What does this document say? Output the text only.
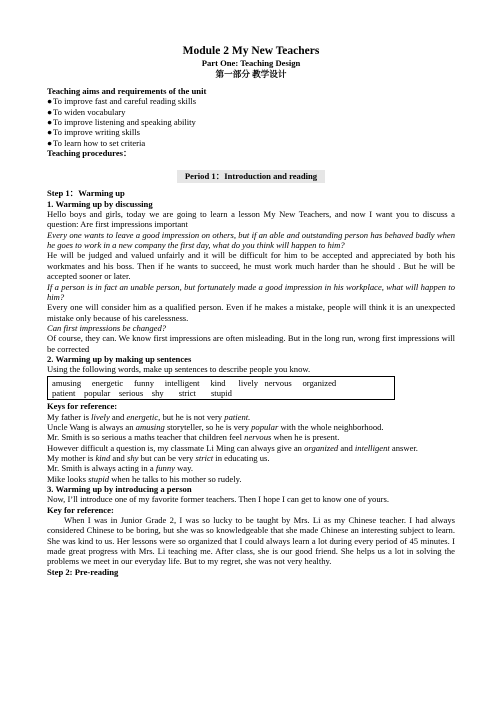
Module 2 My New Teachers
Part One: Teaching Design
第一部分 教学设计

Teaching aims and requirements of the unit

●To improve fast and careful reading skills

●To widen vocabulary

●To improve listening and speaking ability

●To improve writing skills

●To learn how to set criteria

Teaching procedures：

Period 1：Introduction and reading

Step 1：Warming up

1. Warming up by discussing

Hello boys and girls, today we are going to learn a lesson My New Teachers, and now I want you to discuss a question: Are first impressions important

Every one wants to leave a good impression on others, but if an able and outstanding person has behaved badly when he goes to work in a new company the first day, what do you think will happen to him?

He will be judged and valued unfairly and it will be difficult for him to be accepted and appreciated by both his workmates and his boss. Then if he wants to succeed, he must work much harder than he should . But he will be accepted sooner or later.

If a person is in fact an unable person, but fortunately made a good impression in his workplace, what will happen to him?

Every one will consider him as a qualified person. Even if he makes a mistake, people will think it is an unexpected mistake only because of his carelessness.

Can first impressions be changed?

Of course, they can. We know first impressions are often misleading. But in the long run, wrong first impressions will be corrected

2. Warming up by making up sentences

Using the following words, make up sentences to describe people you know.

amusing     energetic     funny     intelligent     kind      lively   nervous     organized
patient    popular    serious    shy       strict       stupid

Keys for reference:

My father is lively and energetic, but he is not very patient.

Uncle Wang is always an amusing storyteller, so he is very popular with the whole neighborhood.

Mr. Smith is so serious a maths teacher that children feel nervous when he is present.

However difficult a question is, my classmate Li Ming can always give an organized and intelligent answer.

My mother is kind and shy but can be very strict in educating us.

Mr. Smith is always acting in a funny way.

Mike looks stupid when he talks to his mother so rudely.

3. Warming up by introducing a person

Now, I’ll introduce one of my favorite former teachers. Then I hope I can get to know one of yours.

Key for reference:

When I was in Junior Grade 2, I was so lucky to be taught by Mrs. Li as my Chinese teacher. I had always considered Chinese to be boring, but she was so knowledgeable that she made Chinese an interesting subject to learn. She was kind to us. Her lessons were so organized that I could always learn a lot during every period of 45 minutes. I made great progress with Mrs. Li teaching me. After class, she is our good friend. She helps us a lot in solving the problems we meet in our everyday life. But to my regret, she was not very healthy.

Step 2: Pre-reading
